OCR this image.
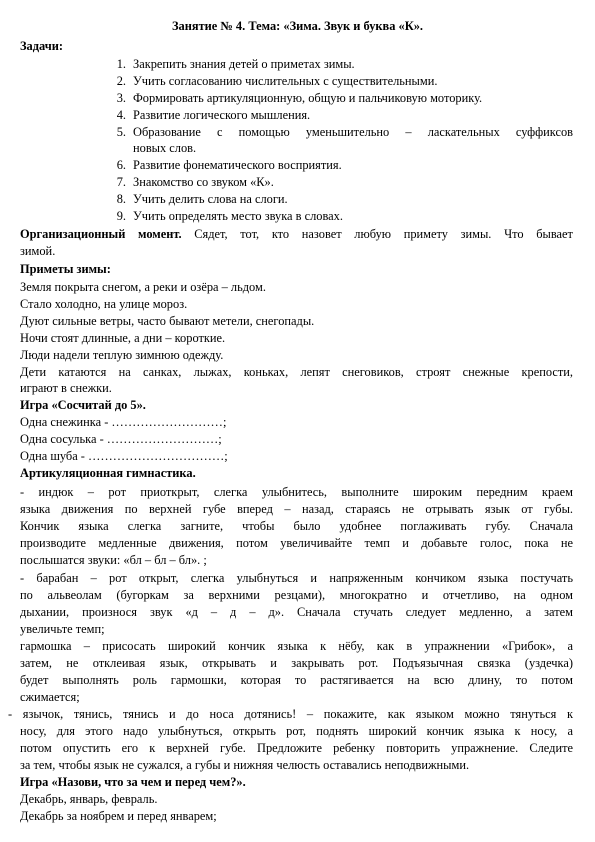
Занятие № 4. Тема: «Зима. Звук и буква «К».
Задачи:
1. Закрепить знания детей о приметах зимы.
2. Учить согласованию числительных с существительными.
3. Формировать артикуляционную, общую и пальчиковую моторику.
4. Развитие логического мышления.
5. Образование с помощью уменьшительно – ласкательных суффиксов
новых слов.
6. Развитие фонематического восприятия.
7. Знакомство со звуком «К».
8. Учить делить слова на слоги.
9. Учить определять место звука в словах.
Организационный момент. Сядет, тот, кто назовет любую примету зимы. Что бывает
зимой.
Приметы зимы:
Земля покрыта снегом, а реки и озёра – льдом.
Стало холодно, на улице мороз.
Дуют сильные ветры, часто бывают метели, снегопады.
Ночи стоят длинные, а дни – короткие.
Люди надели теплую зимнюю одежду.
Дети катаются на санках, лыжах, коньках, лепят снеговиков, строят снежные крепости,
играют в снежки.
Игра «Сосчитай до 5».
Одна снежинка - ………………………;
Одна сосулька - ………………………;
Одна шуба - ……………………………;
Артикуляционная гимнастика.
- индюк – рот приоткрыт, слегка улыбнитесь, выполните широким передним краем
языка движения по верхней губе вперед – назад, стараясь не отрывать язык от губы.
Кончик языка слегка загните, чтобы было удобнее поглаживать губу. Сначала
производите медленные движения, потом увеличивайте темп и добавьте голос, пока не
послышатся звуки: «бл – бл – бл». ;
- барабан – рот открыт, слегка улыбнуться и напряженным кончиком языка постучать
по альвеолам (бугоркам за верхними резцами), многократно и отчетливо, на одном
дыхании, произнося звук «д – д – д». Сначала стучать следует медленно, а затем
увеличьте темп;
гармошка – присосать широкий кончик языка к нёбу, как в упражнении «Грибок», а
затем, не отклеивая язык, открывать и закрывать рот. Подъязычная связка (уздечка)
будет выполнять роль гармошки, которая то растягивается на всю длину, то потом
сжимается;
- язычок, тянись, тянись и до носа дотянись! – покажите, как языком можно тянуться к
носу, для этого надо улыбнуться, открыть рот, поднять широкий кончик языка к носу, а
потом опустить его к верхней губе. Предложите ребенку повторить упражнение. Следите
за тем, чтобы язык не сужался, а губы и нижняя челюсть оставались неподвижными.
Игра «Назови, что за чем и перед чем?».
Декабрь, январь, февраль.
Декабрь за ноябрем и перед январем;
